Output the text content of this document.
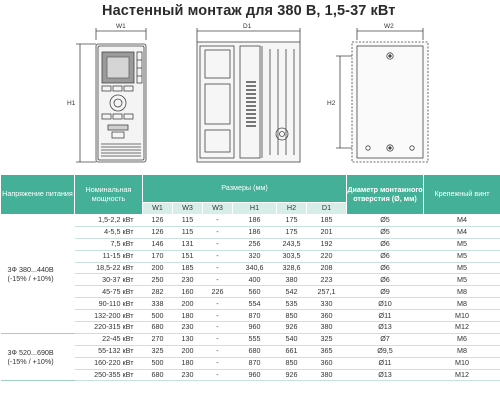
Настенный монтаж для 380 В, 1,5-37 кВт
W1
H1
D1	W2
H2
Напряжение питания	Номинальная мощность	Размеры (мм)						Диаметр монтажного отверстия (Ø, мм)	Крепежный винт
		W1	W3	W3	H1	H2	D1		
3Ф 380...440В (-15% / +10%)	1,5-2,2 кВт	126	115	-	186	175	185	Ø5	M4
	4-5,5 кВт	126	115	-	186	175	201	Ø5	M4
	7,5 кВт	146	131	-	256	243,5	192	Ø6	M5
	11-15 кВт	170	151	-	320	303,5	220	Ø6	M5
	18,5-22 кВт	200	185	-	340,6	328,6	208	Ø6	M5
	30-37 кВт	250	230	-	400	380	223	Ø6	M5
	45-75 кВт	282	160	226	560	542	257,1	Ø9	M8
	90-110 кВт	338	200	-	554	535	330	Ø10	M8
	132-200 кВт	500	180	-	870	850	360	Ø11	M10
	220-315 кВт	680	230	-	960	926	380	Ø13	M12
3Ф 520...690В (-15% / +10%)	22-45 кВт	270	130	-	555	540	325	Ø7	M6
	55-132 кВт	325	200	-	680	661	365	Ø9,5	M8
	160-220 кВт	500	180	-	870	850	360	Ø11	M10
	250-355 кВт	680	230	-	960	926	380	Ø13	M12
